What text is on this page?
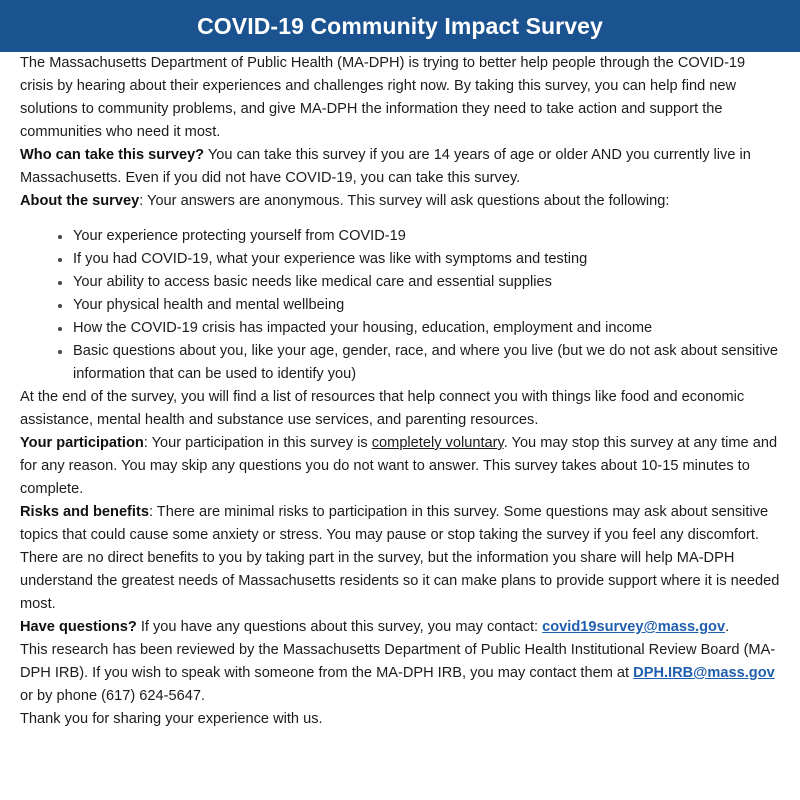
COVID-19 Community Impact Survey

The Massachusetts Department of Public Health (MA-DPH) is trying to better help people through the COVID-19 crisis by hearing about their experiences and challenges right now. By taking this survey, you can help find new solutions to community problems, and give MA-DPH the information they need to take action and support the communities who need it most.

Who can take this survey? You can take this survey if you are 14 years of age or older AND you currently live in Massachusetts. Even if you did not have COVID-19, you can take this survey.

About the survey: Your answers are anonymous. This survey will ask questions about the following:

Your experience protecting yourself from COVID-19
If you had COVID-19, what your experience was like with symptoms and testing
Your ability to access basic needs like medical care and essential supplies
Your physical health and mental wellbeing
How the COVID-19 crisis has impacted your housing, education, employment and income
Basic questions about you, like your age, gender, race, and where you live (but we do not ask about sensitive information that can be used to identify you)

At the end of the survey, you will find a list of resources that help connect you with things like food and economic assistance, mental health and substance use services, and parenting resources.

Your participation: Your participation in this survey is completely voluntary. You may stop this survey at any time and for any reason. You may skip any questions you do not want to answer. This survey takes about 10-15 minutes to complete.

Risks and benefits: There are minimal risks to participation in this survey. Some questions may ask about sensitive topics that could cause some anxiety or stress. You may pause or stop taking the survey if you feel any discomfort. There are no direct benefits to you by taking part in the survey, but the information you share will help MA-DPH understand the greatest needs of Massachusetts residents so it can make plans to provide support where it is needed most.

Have questions? If you have any questions about this survey, you may contact: covid19survey@mass.gov.

This research has been reviewed by the Massachusetts Department of Public Health Institutional Review Board (MA-DPH IRB). If you wish to speak with someone from the MA-DPH IRB, you may contact them at DPH.IRB@mass.gov or by phone (617) 624-5647.

Thank you for sharing your experience with us.
